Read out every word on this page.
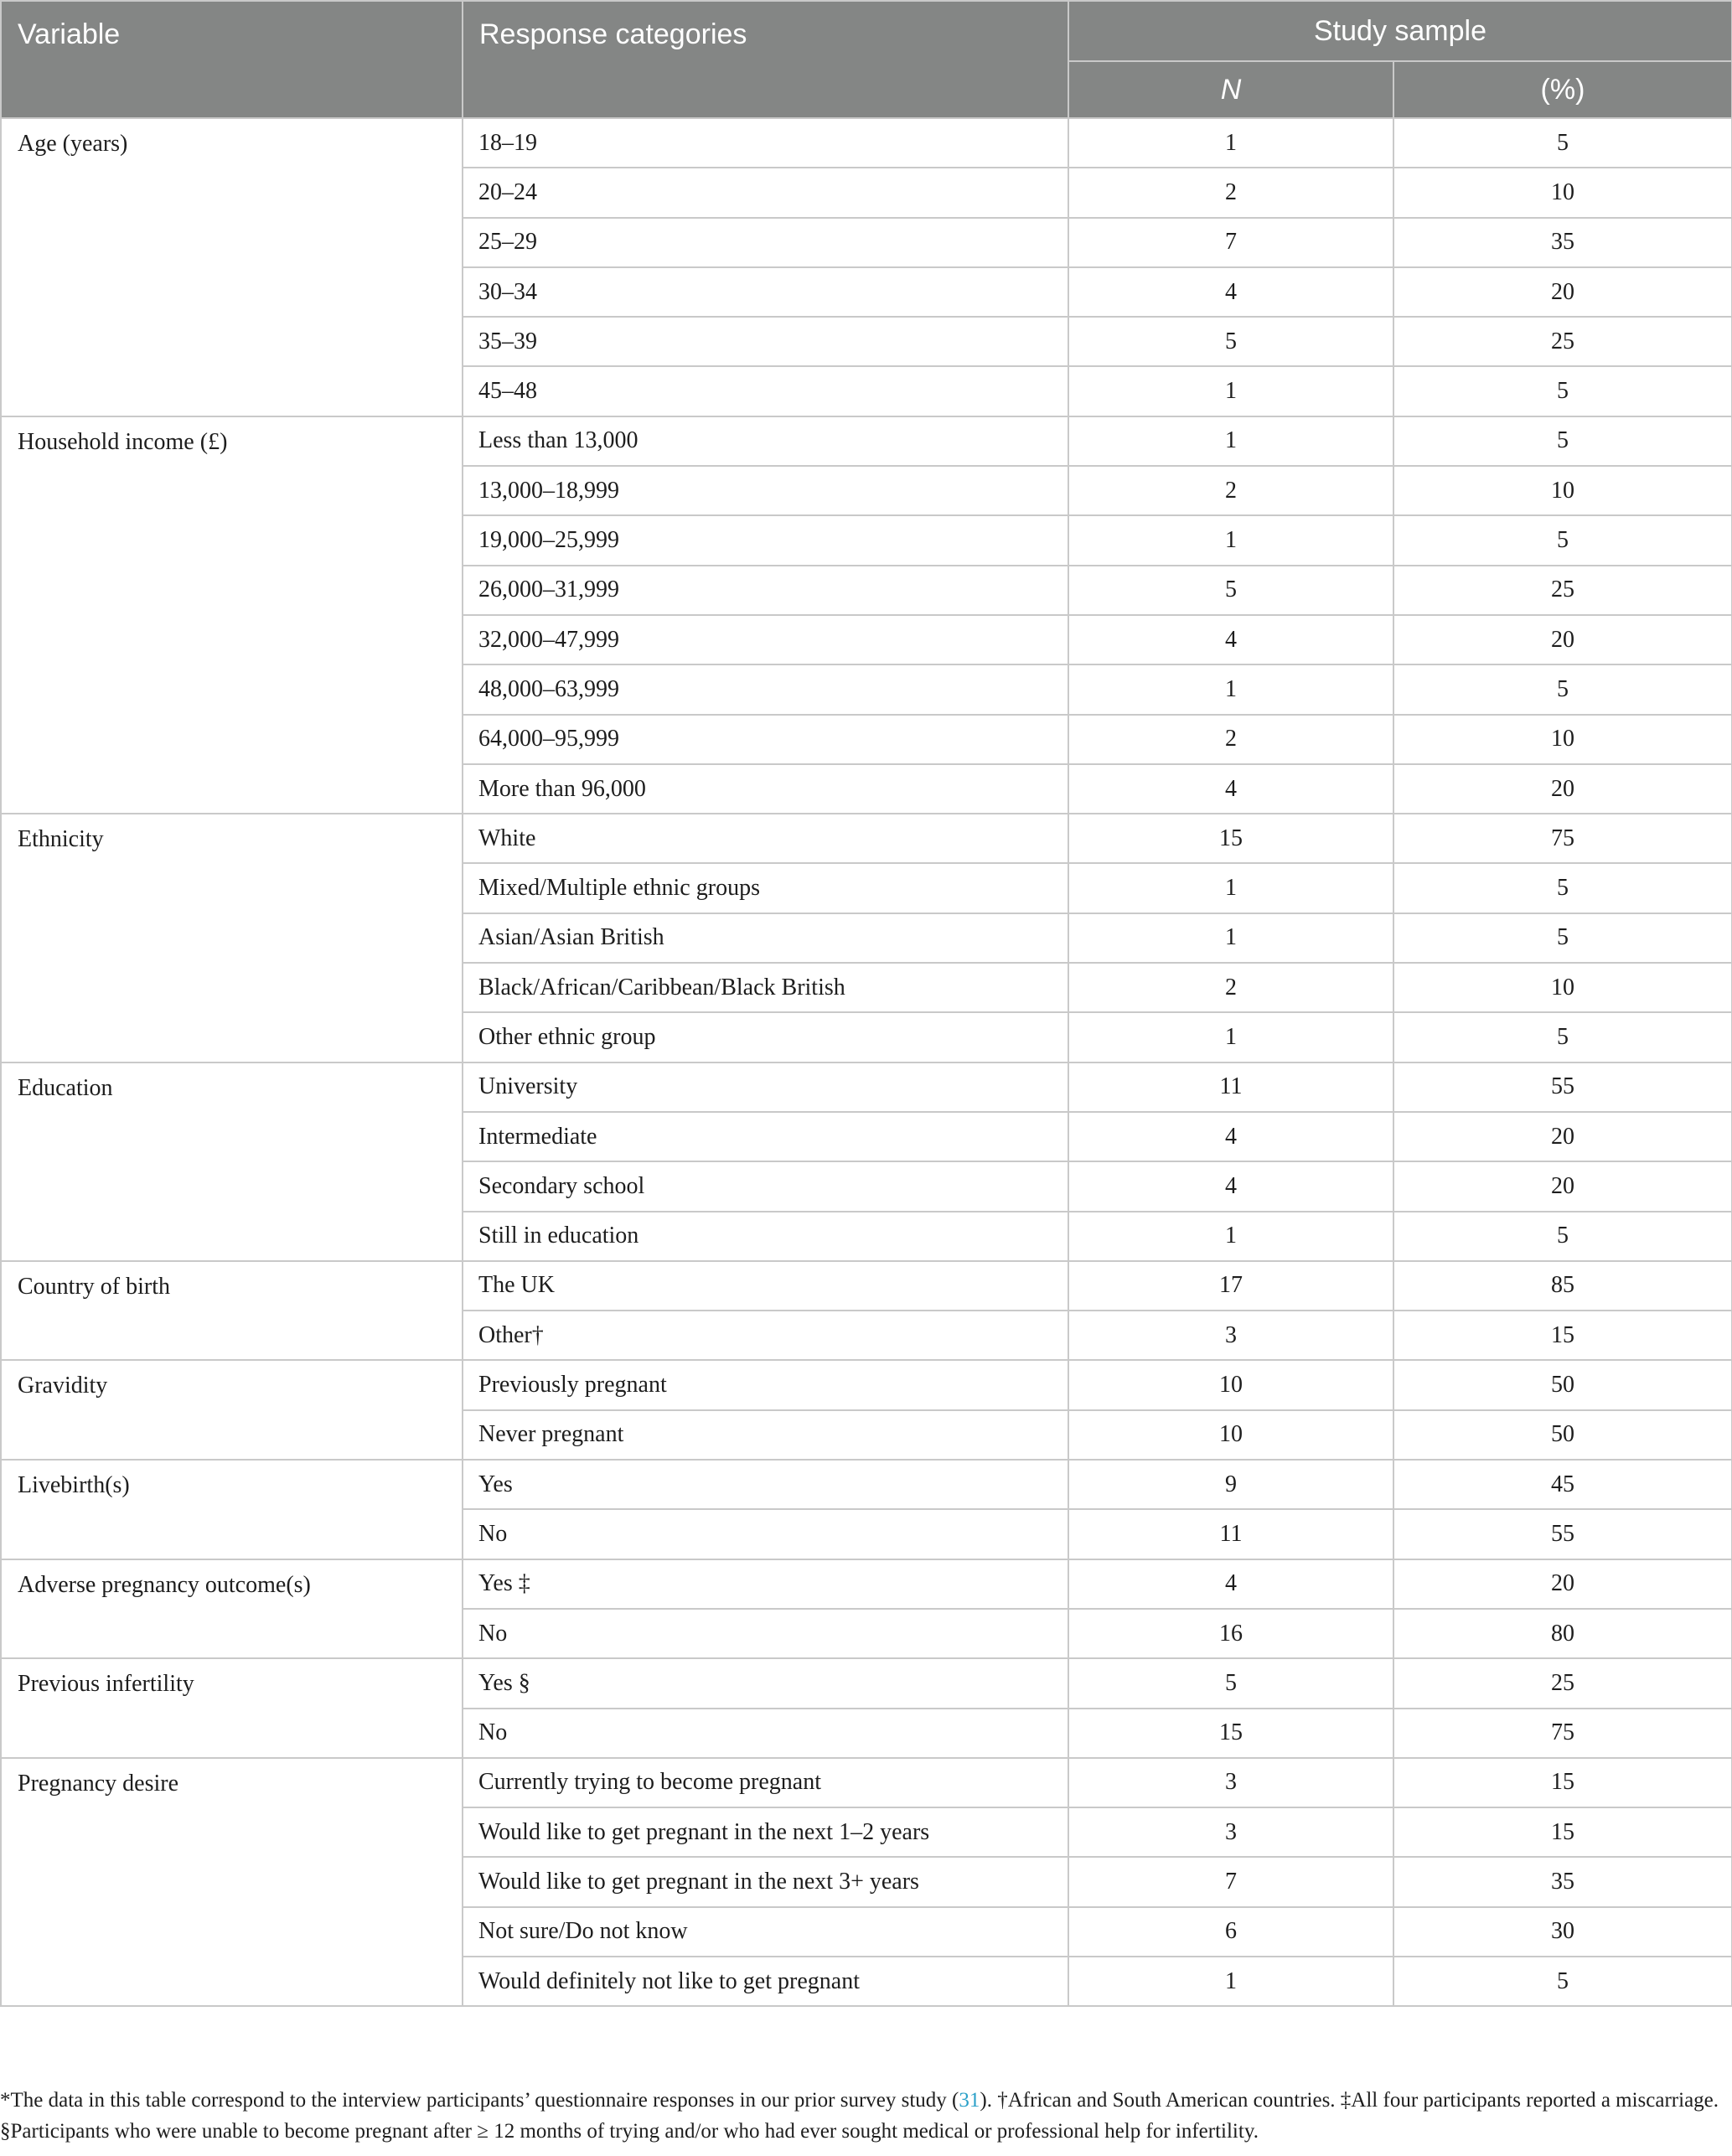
Variable	Response categories	Study sample	
		N	(%)
Age (years)	18–19	1	5
	20–24	2	10
	25–29	7	35
	30–34	4	20
	35–39	5	25
	45–48	1	5
Household income (£)	Less than 13,000	1	5
	13,000–18,999	2	10
	19,000–25,999	1	5
	26,000–31,999	5	25
	32,000–47,999	4	20
	48,000–63,999	1	5
	64,000–95,999	2	10
	More than 96,000	4	20
Ethnicity	White	15	75
	Mixed/Multiple ethnic groups	1	5
	Asian/Asian British	1	5
	Black/African/Caribbean/Black British	2	10
	Other ethnic group	1	5
Education	University	11	55
	Intermediate	4	20
	Secondary school	4	20
	Still in education	1	5
Country of birth	The UK	17	85
	Other†	3	15
Gravidity	Previously pregnant	10	50
	Never pregnant	10	50
Livebirth(s)	Yes	9	45
	No	11	55
Adverse pregnancy outcome(s)	Yes ‡	4	20
	No	16	80
Previous infertility	Yes §	5	25
	No	15	75
Pregnancy desire	Currently trying to become pregnant	3	15
	Would like to get pregnant in the next 1–2 years	3	15
	Would like to get pregnant in the next 3+ years	7	35
	Not sure/Do not know	6	30
	Would definitely not like to get pregnant	1	5
*The data in this table correspond to the interview participants’ questionnaire responses in our prior survey study (31). †African and South American countries. ‡All four participants reported a miscarriage. §Participants who were unable to become pregnant after ≥ 12 months of trying and/or who had ever sought medical or professional help for infertility.
